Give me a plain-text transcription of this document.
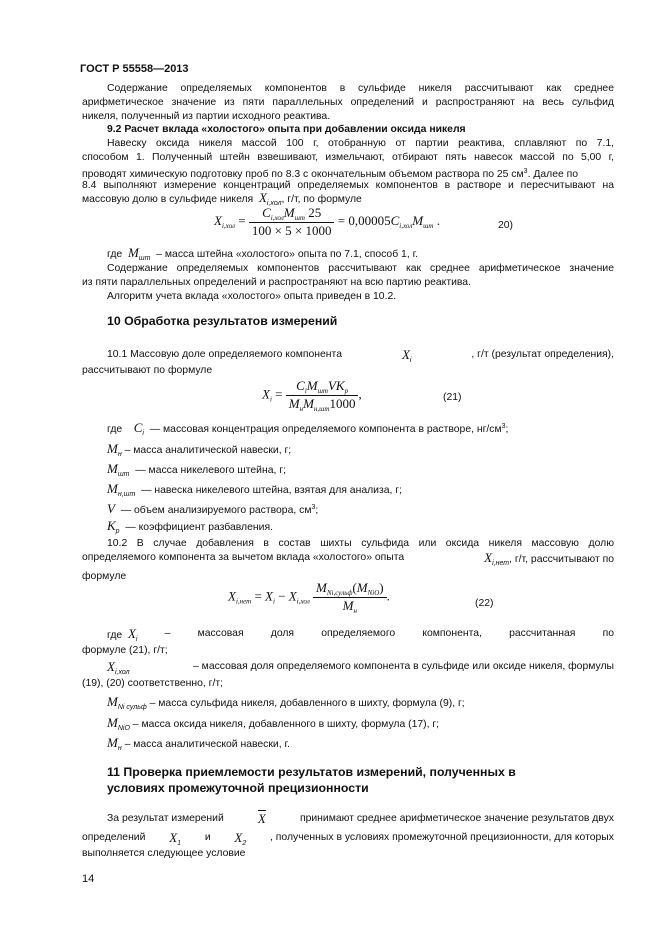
ГОСТ Р 55558—2013
Содержание определяемых компонентов в сульфиде никеля рассчитывают как среднее
арифметическое значение из пяти параллельных определений и распространяют на весь сульфид
никеля, полученный из партии исходного реактива.
9.2 Расчет вклада «холостого» опыта при добавлении оксида никеля
Навеску оксида никеля массой 100 г, отобранную от партии реактива, сплавляют по 7.1,
способом 1. Полученный штейн взвешивают, измельчают, отбирают пять навесок массой по 5,00 г,
проводят химическую подготовку проб по 8.3 с окончательным объемом раствора по 25 $см^3$. Далее по
8.4 выполняют измерение концентраций определяемых компонентов в растворе и пересчитывают на
массовую долю в сульфиде никеля $X_{i,хол}$, г/т, по формуле
$X_{i,хол} = \frac{C_{i,хол}M_{шт} 25}{100 \times 5 \times 1000} = 0,00005C_{i,хол}M_{шт}$ .	20)
где $M_{шт}$ – масса штейна «холостого» опыта по 7.1, способ 1, г.
Содержание определяемых компонентов рассчитывают как среднее арифметическое значение
из пяти параллельных определений и распространяют на всю партию реактива.
Алгоритм учета вклада «холостого» опыта приведен в 10.2.
10 Обработка результатов измерений
10.1 Массовую доле определяемого компонента	$X_i$
, г/т (результат определения),
рассчитывают по формуле
$X_i = \frac{C_iM_{шт}VK_p}{M_нM_{н,шт}1000}$ ,	(21)
где $C_i$ — массовая концентрация определяемого компонента в растворе, $нг/см^3$;
$M_н$ – масса аналитической навески, г;
$M_{шт}$ — масса никелевого штейна, г;
$M_{н,шт}$ — навеска никелевого штейна, взятая для анализа, г;
V — объем анализируемого раствора, $см^3$;
$K_p$ — коэффициент разбавления.
10.2 В случае добавления в состав шихты сульфида или оксида никеля массовую долю
определяемого компонента за вычетом вклада «холостого» опыта	$X_{i,нет}$, г/т, рассчитывают по
формуле
$X_{i,нет} = X_i - X_{i,хол} \frac{M_{Ni,сульф}(M_{NiO})}{M_н}$ .
(22)
где $X_i$
–	массовая	доля	определяемого	компонента,	рассчитанная	по
формуле (21), г/т;
$X_{i,хол}$
– массовая доля определяемого компонента в сульфиде или оксиде никеля, формулы
(19), (20) соответственно, г/т;
$M_{Ni сульф}$ – масса сульфида никеля, добавленного в шихту, формула (9), г;
$M_{NiO}$ – масса оксида никеля, добавленного в шихту, формула (17), г;
$M_н$ – масса аналитической навески, г.
11 Проверка приемлемости результатов измерений, полученных в
условиях промежуточной прецизионности
За результат измерений	$\overline{X}$	принимают среднее арифметическое значение результатов двух
определений $X_1$
и $X_2$
, полученных в условиях промежуточной прецизионности, для которых
выполняется следующее условие
14
